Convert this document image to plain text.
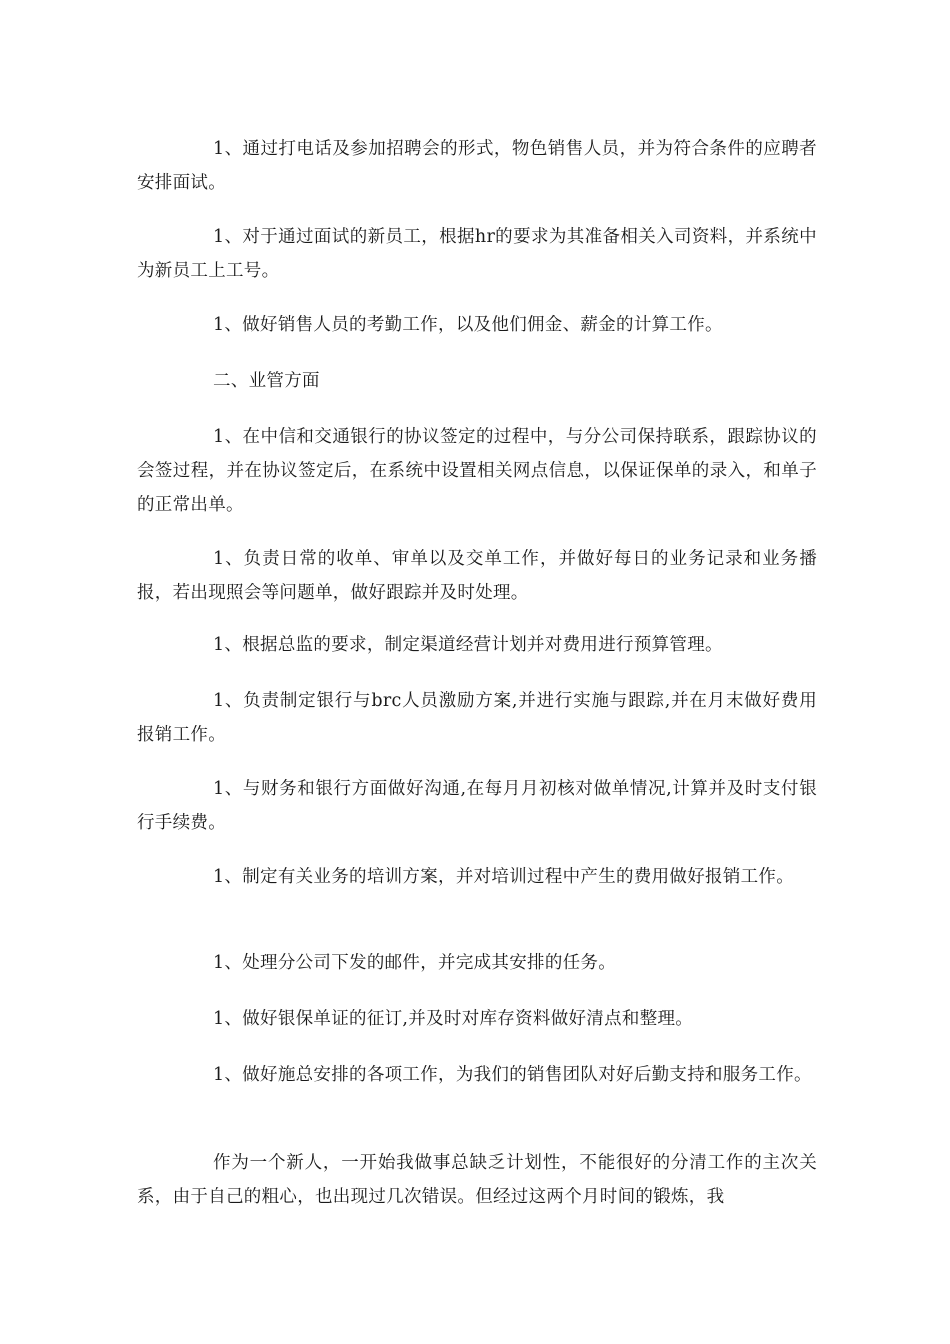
1、通过打电话及参加招聘会的形式，物色销售人员，并为符合条件的应聘者安排面试。

1、对于通过面试的新员工，根据hr的要求为其准备相关入司资料，并系统中为新员工上工号。

1、做好销售人员的考勤工作，以及他们佣金、薪金的计算工作。

二、业管方面

1、在中信和交通银行的协议签定的过程中，与分公司保持联系，跟踪协议的会签过程，并在协议签定后，在系统中设置相关网点信息，以保证保单的录入，和单子的正常出单。

1、负责日常的收单、审单以及交单工作，并做好每日的业务记录和业务播报，若出现照会等问题单，做好跟踪并及时处理。

1、根据总监的要求，制定渠道经营计划并对费用进行预算管理。

1、负责制定银行与brc人员激励方案,并进行实施与跟踪,并在月末做好费用报销工作。

1、与财务和银行方面做好沟通,在每月月初核对做单情况,计算并及时支付银行手续费。

1、制定有关业务的培训方案，并对培训过程中产生的费用做好报销工作。

1、处理分公司下发的邮件，并完成其安排的任务。

1、做好银保单证的征订,并及时对库存资料做好清点和整理。

1、做好施总安排的各项工作，为我们的销售团队对好后勤支持和服务工作。

作为一个新人，一开始我做事总缺乏计划性，不能很好的分清工作的主次关系，由于自己的粗心，也出现过几次错误。但经过这两个月时间的锻炼，我
